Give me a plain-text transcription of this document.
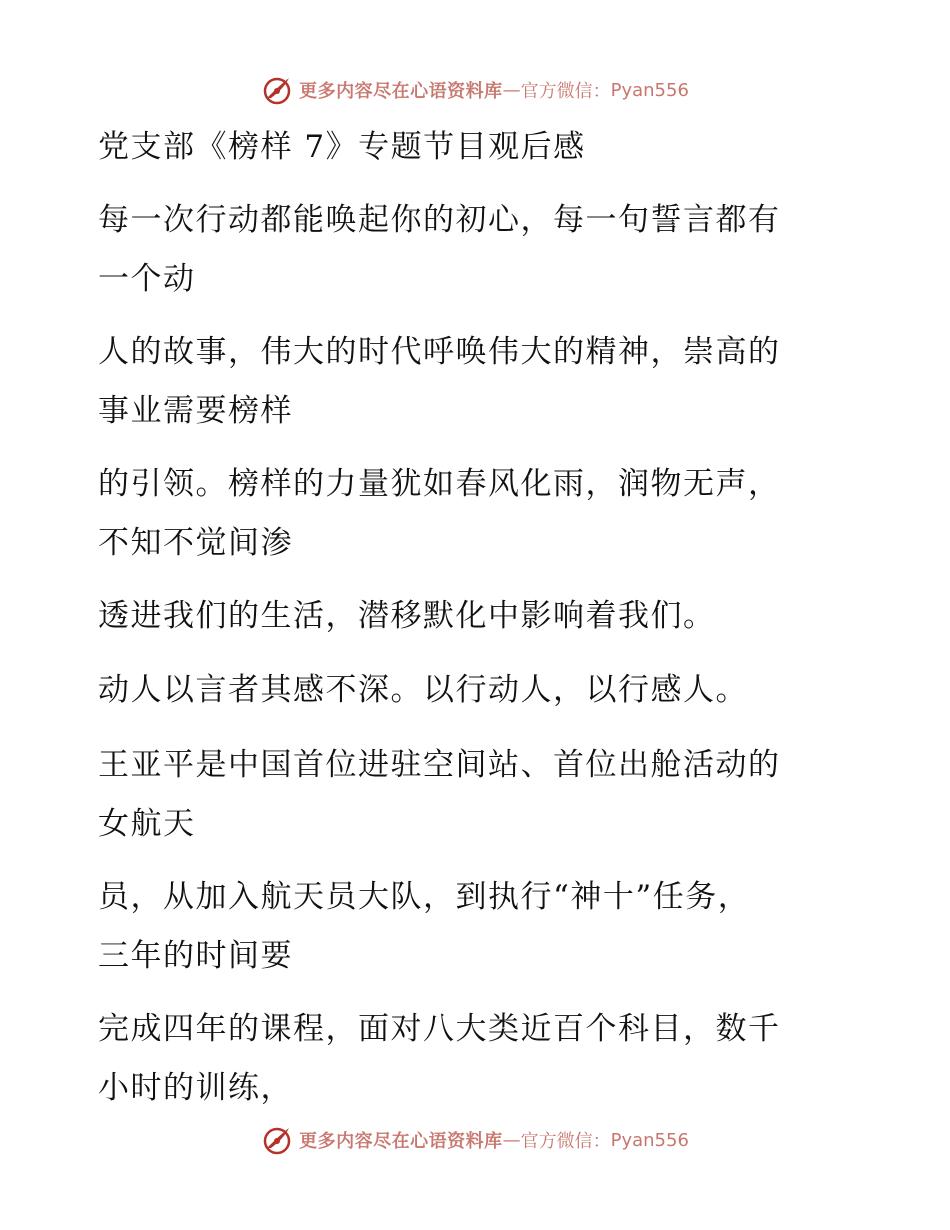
更多内容尽在心语资料库 — 官方微信： Pyan556
党支部《榜样 7》专题节目观后感
每一次行动都能唤起你的初心，每一句誓言都有
一个动
人的故事，伟大的时代呼唤伟大的精神，崇高的
事业需要榜样
的引领。榜样的力量犹如春风化雨，润物无声，
不知不觉间渗
透进我们的生活，潜移默化中影响着我们。
动人以言者其感不深。以行动人，以行感人。
王亚平是中国首位进驻空间站、首位出舱活动的
女航天
员，从加入航天员大队，到执行“神十”任务，
三年的时间要
完成四年的课程，面对八大类近百个科目，数千
小时的训练，
更多内容尽在心语资料库 — 官方微信： Pyan556
